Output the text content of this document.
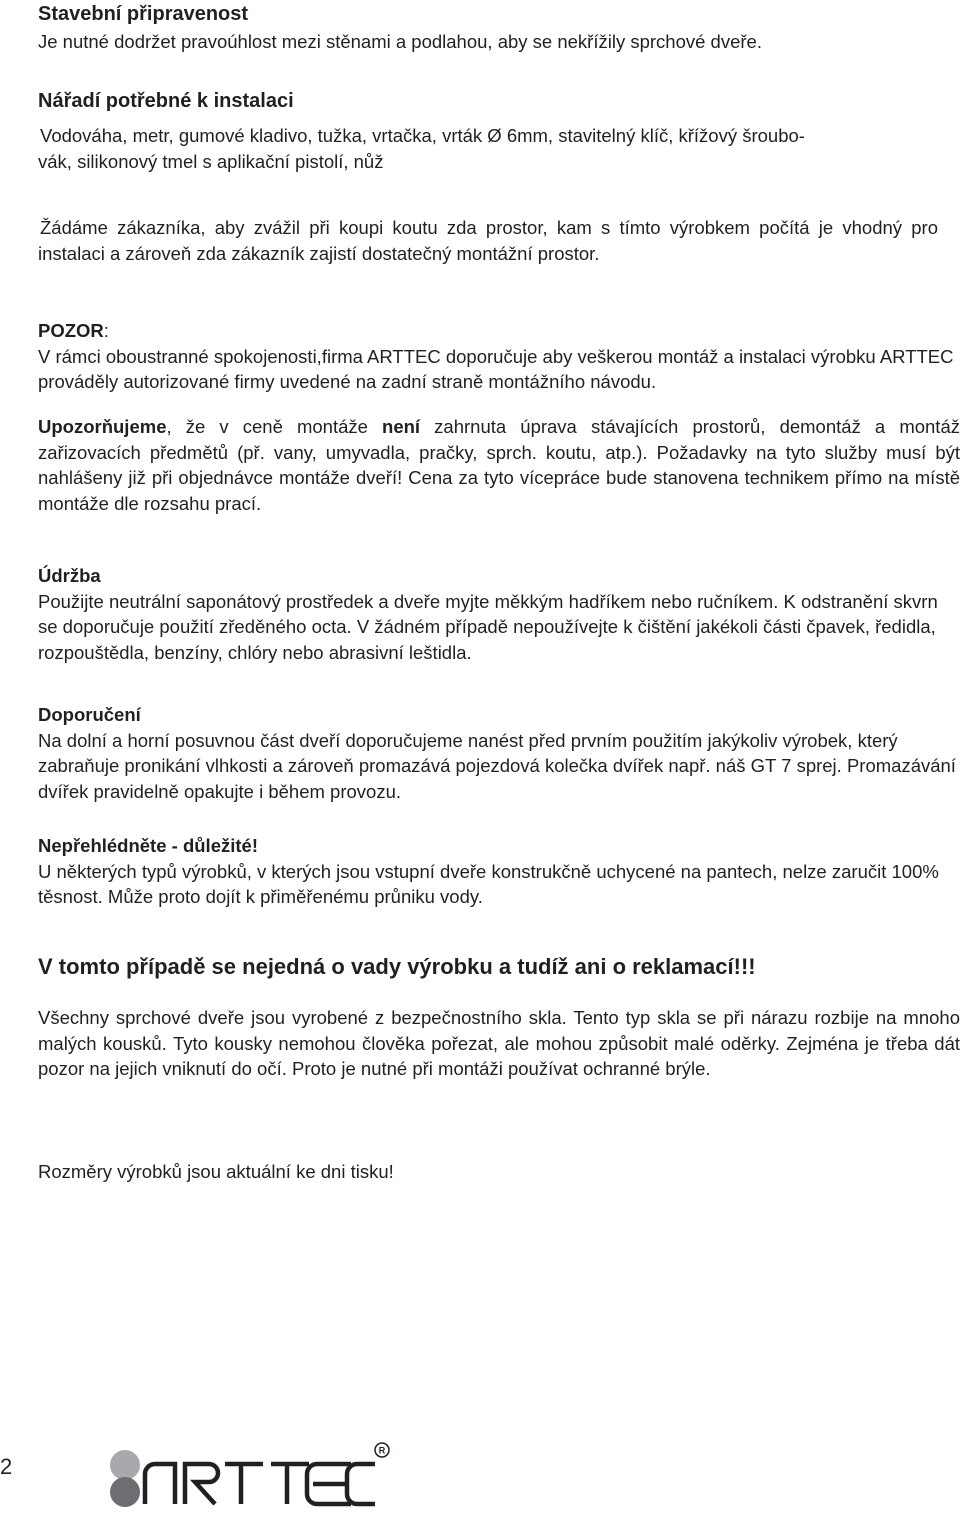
Stavební připravenost

Je nutné dodržet pravoúhlost mezi stěnami a podlahou, aby se nekřížily sprchové dveře.

Nářadí potřebné k instalaci

Vodováha, metr, gumové kladivo, tužka, vrtačka, vrták Ø 6mm, stavitelný klíč, křížový šroubo-

vák, silikonový tmel s aplikační pistolí, nůž

Žádáme zákazníka, aby zvážil při koupi koutu zda prostor, kam s tímto výrobkem počítá je vhodný pro instalaci a zároveň zda zákazník zajistí dostatečný montážní prostor.

POZOR:
V rámci oboustranné spokojenosti,firma ARTTEC doporučuje aby veškerou montáž a instalaci výrobku ARTTEC prováděly autorizované firmy uvedené na zadní straně montážního návodu.

Upozorňujeme, že v ceně montáže není zahrnuta úprava stávajících prostorů, demontáž a montáž zařizovacích předmětů (př. vany, umyvadla, pračky, sprch. koutu, atp.). Požadavky na tyto služby musí být nahlášeny již při objednávce montáže dveří! Cena za tyto vícepráce bude stanovena technikem přímo na místě montáže dle rozsahu prací.

Údržba
Použijte neutrální saponátový prostředek a dveře myjte měkkým hadříkem nebo ručníkem. K odstranění skvrn se doporučuje použití zředěného octa. V žádném případě nepoužívejte k čištění jakékoli části čpavek, ředidla, rozpouštědla, benzíny, chlóry nebo abrasivní leštidla.

Doporučení
Na dolní a horní posuvnou část dveří doporučujeme nanést před prvním použitím jakýkoliv výrobek, který zabraňuje pronikání vlhkosti a zároveň promazává pojezdová kolečka dvířek např. náš GT 7 sprej. Promazávání dvířek pravidelně opakujte i během provozu.

Nepřehlédněte - důležité!
U některých typů výrobků, v kterých jsou vstupní dveře konstrukčně uchycené na pantech, nelze zaručit 100% těsnost. Může proto dojít k přiměřenému průniku vody.

V tomto případě se nejedná o vady výrobku a tudíž ani o reklamací!!!

Všechny sprchové dveře jsou vyrobené z bezpečnostního skla. Tento typ skla se při nárazu rozbije na mnoho malých kousků. Tyto kousky nemohou člověka pořezat, ale mohou způsobit malé oděrky. Zejména je třeba dát pozor na jejich vniknutí do očí. Proto je nutné při montáži používat ochranné brýle.

Rozměry výrobků jsou aktuální ke dni tisku!

2
R
